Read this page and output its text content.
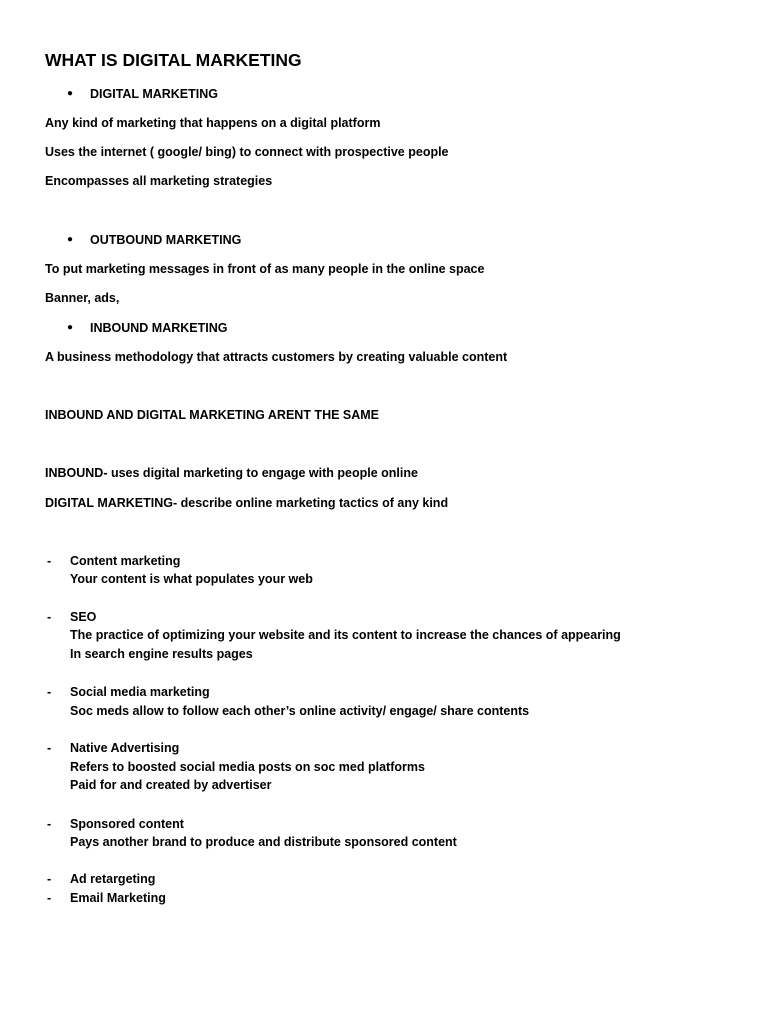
WHAT IS DIGITAL MARKETING
● DIGITAL MARKETING
Any kind of marketing that happens on a digital platform
Uses the internet ( google/ bing) to connect with prospective people
Encompasses all marketing strategies
● OUTBOUND MARKETING
To put marketing messages in front of as many people in the online space
Banner, ads,
● INBOUND MARKETING
A business methodology that attracts customers by creating valuable content
INBOUND AND DIGITAL MARKETING ARENT THE SAME
INBOUND- uses digital marketing to engage with people online
DIGITAL MARKETING- describe online marketing tactics of any kind
- Content marketing
Your content is what populates your web
- SEO
The practice of optimizing your website and its content to increase the chances of appearing
In search engine results pages
- Social media marketing
Soc meds allow to follow each other’s online activity/ engage/ share contents
- Native Advertising
Refers to boosted social media posts on soc med platforms
Paid for and created by advertiser
- Sponsored content
Pays another brand to produce and distribute sponsored content
- Ad retargeting
- Email Marketing
